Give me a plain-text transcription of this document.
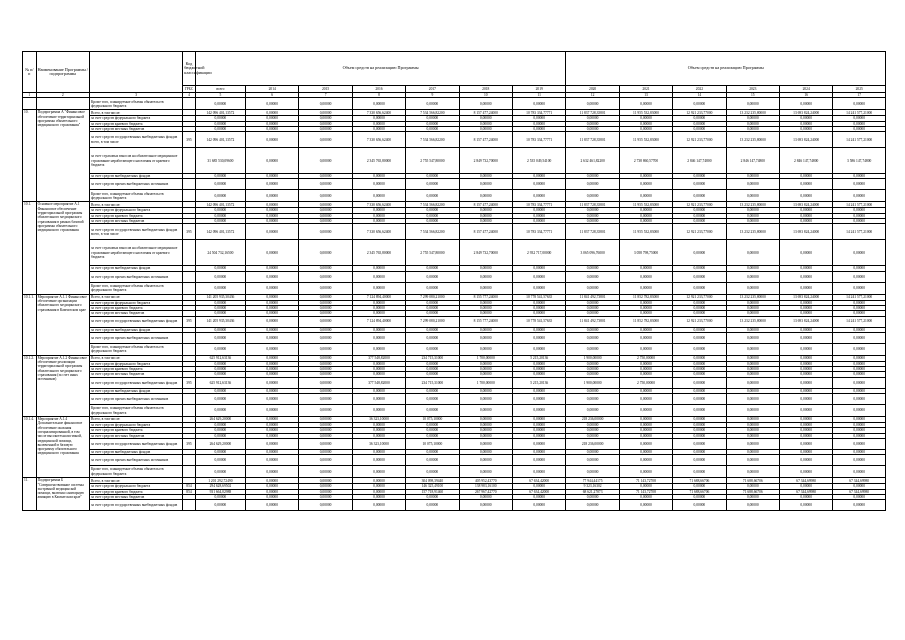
№ п/п	Наименование Программы / подпрограммы		Код бюджетной классификации	Объем средств на реализацию Программы							Объем средств на реализацию Программы					
			ГРБС	всего	2014	2015	2016	2017	2018	2019	2020	2021	2022	2023	2024	2025
1	2	3	4	5	6	7	8	9	10	11	12	13	14	15	16	17
		Кроме того, планируемые объемы обязательств федерального бюджета		0,00000	0,00000	0,00000	0,00000	0,00000	0,00000	0,00000	0,00000	0,00000	0,00000	0,00000	0,00000	0,00000
10.	Подпрограмма А "Финансовое обеспечение территориальной программы обязательного медицинского страхования"	Всего, в том числе:		142 096 401,13572	0,00000	0,00000	7 330 656,62400	7 534 566,82200	8 157 477,24000	10 783 334,77771	11 837 728,35801	11 955 532,83000	12 921 233,77000	13 232 235,80000	13 693 824,24000	14 241 577,21000
		за счет средств федерального бюджета		0,00000	0,00000	0,00000	0,00000	0,00000	0,00000	0,00000	0,00000	0,00000	0,00000	0,00000	0,00000	0,00000
		за счет средств краевого бюджета		0,00000	0,00000	0,00000	0,00000	0,00000	0,00000	0,00000	0,00000	0,00000	0,00000	0,00000	0,00000	0,00000
		за счет средств местных бюджетов		0,00000	0,00000	0,00000	0,00000	0,00000	0,00000	0,00000	0,00000	0,00000	0,00000	0,00000	0,00000	0,00000
		за счет средств государственных внебюджетных фондов всего, в том числе	395	142 096 401,13572	0,00000	0,00000	7 330 656,62400	7 534 566,82200	8 157 477,24000	10 783 334,77771	11 837 728,35801	11 955 532,83000	12 921 233,77000	13 232 235,80000	13 693 824,24000	14 241 577,21000
		за счет страховых взносов на обязательное медицинское страхование неработающего населения от краевого бюджета		31 685 530,09600	0,00000	0,00000	2 345 765,80000	2 755 547,80000	2 849 732,70000	2 535 049,54100	2 632 461,82200	2 738 860,57700	2 846 147,74800	2 846 147,74800	2 846 147,74800	3 586 147,74800
		за счет средств внебюджетных фондов		0,00000	0,00000	0,00000	0,00000	0,00000	0,00000	0,00000	0,00000	0,00000	0,00000	0,00000	0,00000	0,00000
		за счет средств прочих внебюджетных источников		0,00000	0,00000	0,00000	0,00000	0,00000	0,00000	0,00000	0,00000	0,00000	0,00000	0,00000	0,00000	0,00000
		Кроме того, планируемые объемы обязательств федерального бюджета		0,00000	0,00000	0,00000	0,00000	0,00000	0,00000	0,00000	0,00000	0,00000	0,00000	0,00000	0,00000	0,00000
10.1.	Основное мероприятие А.1 Финансовое обеспечение территориальной программы обязательного медицинского страхования в рамках базовой программы обязательного медицинского страхования	Всего, в том числе:		142 096 401,13572	0,00000	0,00000	7 330 656,62400	7 534 566,82200	8 157 477,24000	10 783 334,77771	11 837 728,35801	11 955 532,83000	12 921 233,77000	13 232 235,80000	13 693 824,24000	14 241 577,21000
		за счет средств федерального бюджета		0,00000	0,00000	0,00000	0,00000	0,00000	0,00000	0,00000	0,00000	0,00000	0,00000	0,00000	0,00000	0,00000
		за счет средств краевого бюджета		0,00000	0,00000	0,00000	0,00000	0,00000	0,00000	0,00000	0,00000	0,00000	0,00000	0,00000	0,00000	0,00000
		за счет средств местных бюджетов		0,00000	0,00000	0,00000	0,00000	0,00000	0,00000	0,00000	0,00000	0,00000	0,00000	0,00000	0,00000	0,00000
		за счет средств государственных внебюджетных фондов всего, в том числе	395	142 096 401,13572	0,00000	0,00000	7 330 656,62400	7 534 566,82200	8 157 477,24000	10 783 334,77771	11 837 728,35801	11 955 532,83000	12 921 233,77000	13 232 235,80000	13 693 824,24000	14 241 577,21000
		за счет страховых взносов на обязательное медицинское страхование неработающего населения от краевого бюджета		24 504 732,16500	0,00000	0,00000	2 345 765,80000	2 755 547,80000	2 849 732,70000	2 932 717,00000	3 065 096,76000	3 058 798,75000	0,00000	0,00000	0,00000	0,00000
		за счет средств внебюджетных фондов		0,00000	0,00000	0,00000	0,00000	0,00000	0,00000	0,00000	0,00000	0,00000	0,00000	0,00000	0,00000	0,00000
		за счет средств прочих внебюджетных источников		0,00000	0,00000	0,00000	0,00000	0,00000	0,00000	0,00000	0,00000	0,00000	0,00000	0,00000	0,00000	0,00000
		Кроме того, планируемые объемы обязательств федерального бюджета		0,00000	0,00000	0,00000	0,00000	0,00000	0,00000	0,00000	0,00000	0,00000	0,00000	0,00000	0,00000	0,00000
10.1.1.	Мероприятие А.1.1 Финансовое обеспечение организации обязательного медицинского страхования в Камчатском крае	Всего, в том числе:		141 205 935,30436	0,00000	0,00000	7 124 894,40000	7 299 080,21000	8 155 777,24000	10 778 541,57635	11 841 492,73801	11 852 782,83000	12 921 233,77000	13 232 235,80000	13 693 824,24000	14 241 577,21000
		за счет средств федерального бюджета		0,00000	0,00000	0,00000	0,00000	0,00000	0,00000	0,00000	0,00000	0,00000	0,00000	0,00000	0,00000	0,00000
		за счет средств краевого бюджета		0,00000	0,00000	0,00000	0,00000	0,00000	0,00000	0,00000	0,00000	0,00000	0,00000	0,00000	0,00000	0,00000
		за счет средств местных бюджетов		0,00000	0,00000	0,00000	0,00000	0,00000	0,00000	0,00000	0,00000	0,00000	0,00000	0,00000	0,00000	0,00000
		за счет средств государственных внебюджетных фондов	395	141 205 935,30436	0,00000	0,00000	7 124 894,40000	7 299 080,21000	8 155 777,24000	10 778 541,57635	11 841 492,73801	11 852 782,83000	12 921 233,77000	13 232 235,80000	13 693 824,24000	14 241 577,21000
		за счет средств внебюджетных фондов		0,00000	0,00000	0,00000	0,00000	0,00000	0,00000	0,00000	0,00000	0,00000	0,00000	0,00000	0,00000	0,00000
		за счет средств прочих внебюджетных источников		0,00000	0,00000	0,00000	0,00000	0,00000	0,00000	0,00000	0,00000	0,00000	0,00000	0,00000	0,00000	0,00000
		Кроме того, планируемые объемы обязательств федерального бюджета		0,00000	0,00000	0,00000	0,00000	0,00000	0,00000	0,00000	0,00000	0,00000	0,00000	0,00000	0,00000	0,00000
10.1.2.	Мероприятие А.1.2 Финансовое обеспечение реализации территориальной программы обязательного медицинского страхования (за счет иных источников)	Всего, в том числе:		625 912,63136	0,00000	0,00000	377 548,82000	234 715,31000	1 700,00000	5 215,20136	1 900,00000	2 750,00000	0,00000	0,00000	0,00000	0,00000
		за счет средств федерального бюджета		0,00000	0,00000	0,00000	0,00000	0,00000	0,00000	0,00000	0,00000	0,00000	0,00000	0,00000	0,00000	0,00000
		за счет средств краевого бюджета		0,00000	0,00000	0,00000	0,00000	0,00000	0,00000	0,00000	0,00000	0,00000	0,00000	0,00000	0,00000	0,00000
		за счет средств местных бюджетов		0,00000	0,00000	0,00000	0,00000	0,00000	0,00000	0,00000	0,00000	0,00000	0,00000	0,00000	0,00000	0,00000
		за счет средств государственных внебюджетных фондов	395	625 912,63136	0,00000	0,00000	377 548,82000	234 715,31000	1 700,00000	5 215,20136	1 900,00000	2 750,00000	0,00000	0,00000	0,00000	0,00000
		за счет средств внебюджетных фондов		0,00000	0,00000	0,00000	0,00000	0,00000	0,00000	0,00000	0,00000	0,00000	0,00000	0,00000	0,00000	0,00000
		за счет средств прочих внебюджетных источников		0,00000	0,00000	0,00000	0,00000	0,00000	0,00000	0,00000	0,00000	0,00000	0,00000	0,00000	0,00000	0,00000
		Кроме того, планируемые объемы обязательств федерального бюджета		0,00000	0,00000	0,00000	0,00000	0,00000	0,00000	0,00000	0,00000	0,00000	0,00000	0,00000	0,00000	0,00000
10.1.4.	Мероприятие А.1.4 Дополнительное финансовое обеспечение оказания специализированной, в том числе высокотехнологичной, медицинской помощи, включенной в базовую программу обязательного медицинского страхования	Всего, в том числе:		264 629,20000	0,00000	0,00000	36 323,10000	10 075,10000	0,00000	0,00000	218 236,00000	0,00000	0,00000	0,00000	0,00000	0,00000
		за счет средств федерального бюджета		0,00000	0,00000	0,00000	0,00000	0,00000	0,00000	0,00000	0,00000	0,00000	0,00000	0,00000	0,00000	0,00000
		за счет средств краевого бюджета		0,00000	0,00000	0,00000	0,00000	0,00000	0,00000	0,00000	0,00000	0,00000	0,00000	0,00000	0,00000	0,00000
		за счет средств местных бюджетов		0,00000	0,00000	0,00000	0,00000	0,00000	0,00000	0,00000	0,00000	0,00000	0,00000	0,00000	0,00000	0,00000
		за счет средств государственных внебюджетных фондов	395	264 629,20000	0,00000	0,00000	36 323,10000	10 075,10000	0,00000	0,00000	218 236,00000	0,00000	0,00000	0,00000	0,00000	0,00000
		за счет средств внебюджетных фондов		0,00000	0,00000	0,00000	0,00000	0,00000	0,00000	0,00000	0,00000	0,00000	0,00000	0,00000	0,00000	0,00000
		за счет средств прочих внебюджетных источников		0,00000	0,00000	0,00000	0,00000	0,00000	0,00000	0,00000	0,00000	0,00000	0,00000	0,00000	0,00000	0,00000
		Кроме того, планируемые объемы обязательств федерального бюджета		0,00000	0,00000	0,00000	0,00000	0,00000	0,00000	0,00000	0,00000	0,00000	0,00000	0,00000	0,00000	0,00000
11.	Подпрограмма Б "Совершенствование системы экстренной медицинской помощи, включая санитарную авиацию в Камчатском крае"	Всего, в том числе:		1 201 292,72490	0,00000	0,00000	0,00000	304 098,39440	405 952,43770	67 634,42000	77 944,44175	71 143,72708	71 688,66706	71 688,66706	67 344,69980	67 344,69980
		за счет средств федерального бюджета	854	294 628,69502	0,00000	0,00000	0,00000	146 325,49100	138 983,16100	0,00000	9 323,16302	0,00000	0,00000	0,00000	0,00000	0,00000
		за счет средств краевого бюджета	854	931 664,02988	0,00000	0,00000	0,00000	157 718,91460	267 967,42770	67 634,42000	68 621,27873	71 143,72708	71 688,66706	71 688,66706	67 344,69980	67 344,69980
		за счет средств местных бюджетов		0,00000	0,00000	0,00000	0,00000	0,00000	0,00000	0,00000	0,00000	0,00000	0,00000	0,00000	0,00000	0,00000
		за счет средств государственных внебюджетных фондов		0,00000	0,00000	0,00000	0,00000	0,00000	0,00000	0,00000	0,00000	0,00000	0,00000	0,00000	0,00000	0,00000
